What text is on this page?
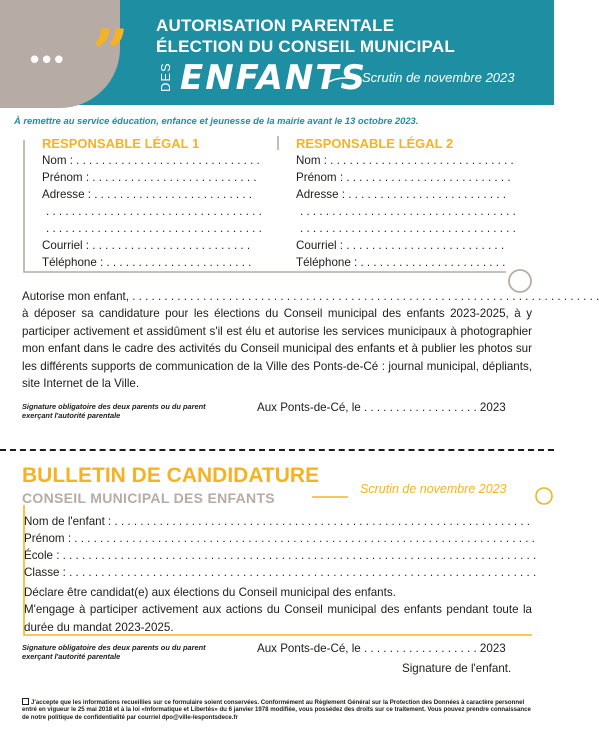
••• ” AUTORISATION PARENTALE
ÉLECTION DU CONSEIL MUNICIPAL
DES ENFANTS
Scrutin de novembre 2023
À remettre au service éducation, enfance et jeunesse de la mairie avant le 13 octobre 2023.
RESPONSABLE LÉGAL 1
Nom : . . . . . . . . . . . . . . . . . . . . . . . . . . . . .
Prénom : . . . . . . . . . . . . . . . . . . . . . . . . . .
Adresse : . . . . . . . . . . . . . . . . . . . . . . . . .
. . . . . . . . . . . . . . . . . . . . . . . . . . . . . . . . . .
. . . . . . . . . . . . . . . . . . . . . . . . . . . . . . . . . .
Courriel : . . . . . . . . . . . . . . . . . . . . . . . . .
Téléphone : . . . . . . . . . . . . . . . . . . . . . . .
RESPONSABLE LÉGAL 2
Nom : . . . . . . . . . . . . . . . . . . . . . . . . . . . . .
Prénom : . . . . . . . . . . . . . . . . . . . . . . . . . .
Adresse : . . . . . . . . . . . . . . . . . . . . . . . . .
. . . . . . . . . . . . . . . . . . . . . . . . . . . . . . . . . .
. . . . . . . . . . . . . . . . . . . . . . . . . . . . . . . . . .
Courriel : . . . . . . . . . . . . . . . . . . . . . . . . .
Téléphone : . . . . . . . . . . . . . . . . . . . . . . .
Autorise mon enfant, . . . . . . . . . . . . . . . . . . . . . . . . . . . . . . . . . . . . . . . . . . . . . . . . . . . . . . . . . . . . . . . . . . . . . . . . .
à déposer sa candidature pour les élections du Conseil municipal des enfants 2023-2025, à y participer activement et assidûment s'il est élu et autorise les services municipaux à photographier mon enfant dans le cadre des activités du Conseil municipal des enfants et à publier les photos sur les différents supports de communication de la Ville des Ponts-de-Cé : journal municipal, dépliants, site Internet de la Ville.
Signature obligatoire des deux parents ou du parent exerçant l'autorité parentale
Aux Ponts-de-Cé, le . . . . . . . . . . . . . . . . . . 2023
BULLETIN DE CANDIDATURE
CONSEIL MUNICIPAL DES ENFANTS
Scrutin de novembre 2023
Nom de l'enfant : . . . . . . . . . . . . . . . . . . . . . . . . . . . . . . . . . . . . . . . . . . . . . . . . . . . . . . . . . . . . . . . . .
Prénom : . . . . . . . . . . . . . . . . . . . . . . . . . . . . . . . . . . . . . . . . . . . . . . . . . . . . . . . . . . . . . . . . . . . . . . . .
École : . . . . . . . . . . . . . . . . . . . . . . . . . . . . . . . . . . . . . . . . . . . . . . . . . . . . . . . . . . . . . . . . . . . . . . . . . .
Classe : . . . . . . . . . . . . . . . . . . . . . . . . . . . . . . . . . . . . . . . . . . . . . . . . . . . . . . . . . . . . . . . . . . . . . . . . .
Déclare être candidat(e) aux élections du Conseil municipal des enfants.
M'engage à participer activement aux actions du Conseil municipal des enfants pendant toute la durée du mandat 2023-2025.
Signature obligatoire des deux parents ou du parent exerçant l'autorité parentale
Aux Ponts-de-Cé, le . . . . . . . . . . . . . . . . . . 2023
Signature de l'enfant.
J'accepte que les informations recueillies sur ce formulaire soient conservées. Conformément au Règlement Général sur la Protection des Données à caractère personnel entré en vigueur le 25 mai 2018 et à la loi «Informatique et Libertés» du 6 janvier 1978 modifiée, vous possédez des droits sur ce traitement. Vous pouvez prendre connaissance de notre politique de confidentialité par courriel dpo@ville-lespontsdece.fr
